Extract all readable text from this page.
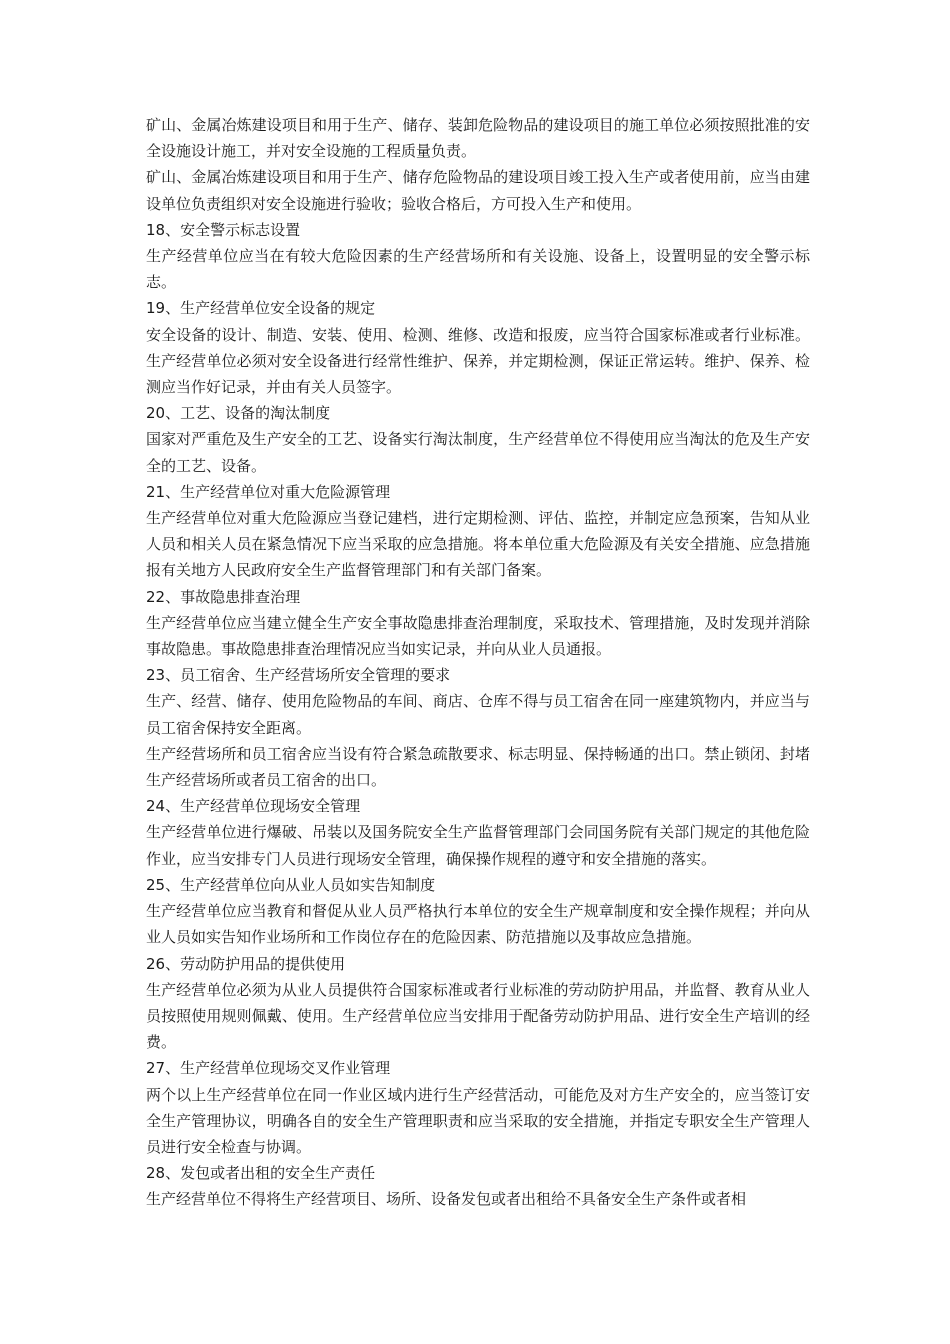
矿山、金属冶炼建设项目和用于生产、储存、装卸危险物品的建设项目的施工单位必须按照批准的安全设施设计施工，并对安全设施的工程质量负责。

矿山、金属冶炼建设项目和用于生产、储存危险物品的建设项目竣工投入生产或者使用前，应当由建设单位负责组织对安全设施进行验收；验收合格后，方可投入生产和使用。

18、安全警示标志设置

生产经营单位应当在有较大危险因素的生产经营场所和有关设施、设备上，设置明显的安全警示标志。

19、生产经营单位安全设备的规定

安全设备的设计、制造、安装、使用、检测、维修、改造和报废，应当符合国家标准或者行业标准。生产经营单位必须对安全设备进行经常性维护、保养，并定期检测，保证正常运转。维护、保养、检测应当作好记录，并由有关人员签字。

20、工艺、设备的淘汰制度

国家对严重危及生产安全的工艺、设备实行淘汰制度，生产经营单位不得使用应当淘汰的危及生产安全的工艺、设备。

21、生产经营单位对重大危险源管理

生产经营单位对重大危险源应当登记建档，进行定期检测、评估、监控，并制定应急预案，告知从业人员和相关人员在紧急情况下应当采取的应急措施。将本单位重大危险源及有关安全措施、应急措施报有关地方人民政府安全生产监督管理部门和有关部门备案。

22、事故隐患排查治理

生产经营单位应当建立健全生产安全事故隐患排查治理制度，采取技术、管理措施，及时发现并消除事故隐患。事故隐患排查治理情况应当如实记录，并向从业人员通报。

23、员工宿舍、生产经营场所安全管理的要求

生产、经营、储存、使用危险物品的车间、商店、仓库不得与员工宿舍在同一座建筑物内，并应当与员工宿舍保持安全距离。

生产经营场所和员工宿舍应当设有符合紧急疏散要求、标志明显、保持畅通的出口。禁止锁闭、封堵生产经营场所或者员工宿舍的出口。

24、生产经营单位现场安全管理

生产经营单位进行爆破、吊装以及国务院安全生产监督管理部门会同国务院有关部门规定的其他危险作业，应当安排专门人员进行现场安全管理，确保操作规程的遵守和安全措施的落实。

25、生产经营单位向从业人员如实告知制度

生产经营单位应当教育和督促从业人员严格执行本单位的安全生产规章制度和安全操作规程；并向从业人员如实告知作业场所和工作岗位存在的危险因素、防范措施以及事故应急措施。

26、劳动防护用品的提供使用

生产经营单位必须为从业人员提供符合国家标准或者行业标准的劳动防护用品，并监督、教育从业人员按照使用规则佩戴、使用。生产经营单位应当安排用于配备劳动防护用品、进行安全生产培训的经费。

27、生产经营单位现场交叉作业管理

两个以上生产经营单位在同一作业区域内进行生产经营活动，可能危及对方生产安全的，应当签订安全生产管理协议，明确各自的安全生产管理职责和应当采取的安全措施，并指定专职安全生产管理人员进行安全检查与协调。

28、发包或者出租的安全生产责任

生产经营单位不得将生产经营项目、场所、设备发包或者出租给不具备安全生产条件或者相
